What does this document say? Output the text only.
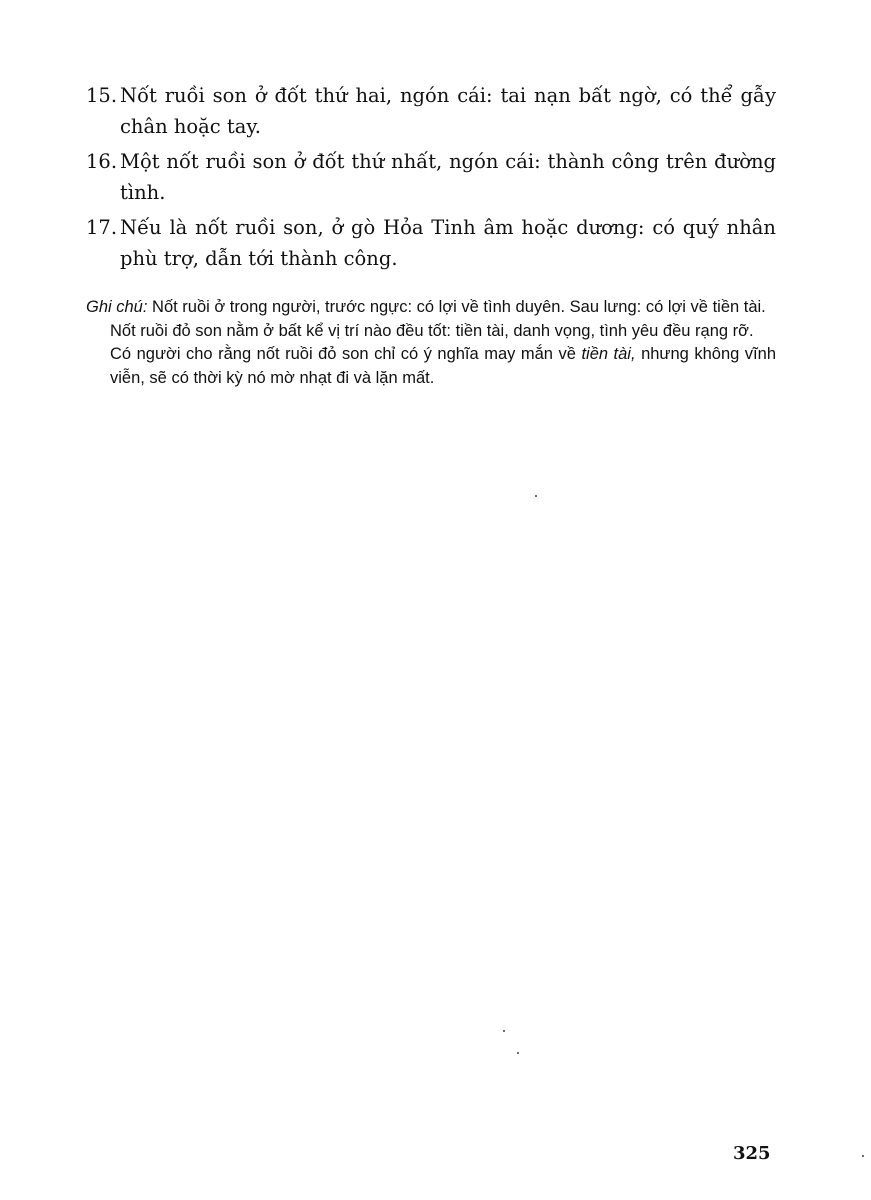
15. Nốt ruồi son ở đốt thứ hai, ngón cái: tai nạn bất ngờ, có thể gẫy chân hoặc tay.
16. Một nốt ruồi son ở đốt thứ nhất, ngón cái: thành công trên đường tình.
17. Nếu là nốt ruồi son, ở gò Hỏa Tinh âm hoặc dương: có quý nhân phù trợ, dẫn tới thành công.
Ghi chú: Nốt ruồi ở trong người, trước ngực: có lợi về tình duyên. Sau lưng: có lợi về tiền tài.
Nốt ruồi đỏ son nằm ở bất kể vị trí nào đều tốt: tiền tài, danh vọng, tình yêu đều rạng rỡ.
Có người cho rằng nốt ruồi đỏ son chỉ có ý nghĩa may mắn về tiền tài, nhưng không vĩnh viễn, sẽ có thời kỳ nó mờ nhạt đi và lặn mất.
325
